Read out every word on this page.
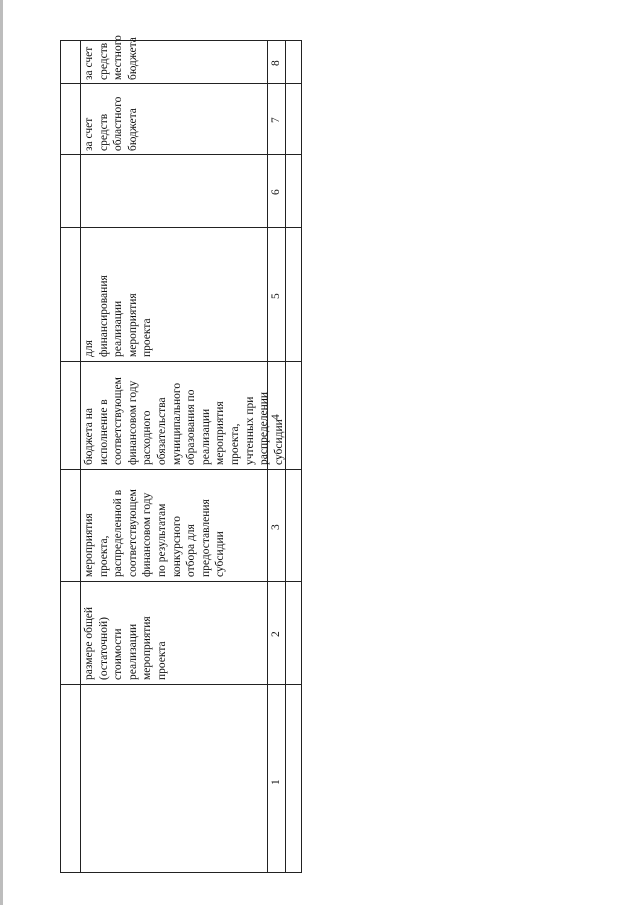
размере общей
(остаточной)
стоимости
реализации
мероприятия
проекта
мероприятия
проекта,
распределенной в
соответствующем
финансовом году
по результатам
конкурсного
отбора для
предоставления
субсидии
бюджета на
исполнение в
соответствующем
финансовом году
расходного
обязательства
муниципального
образования по
реализации
мероприятия
проекта,
учтенных при
распределении
субсидии
для
финансирования
реализации
мероприятия
проекта
за счет
средств
областного
бюджета
за счет
средств
местного
бюджета
1
2
3
4
5
6
7
8
